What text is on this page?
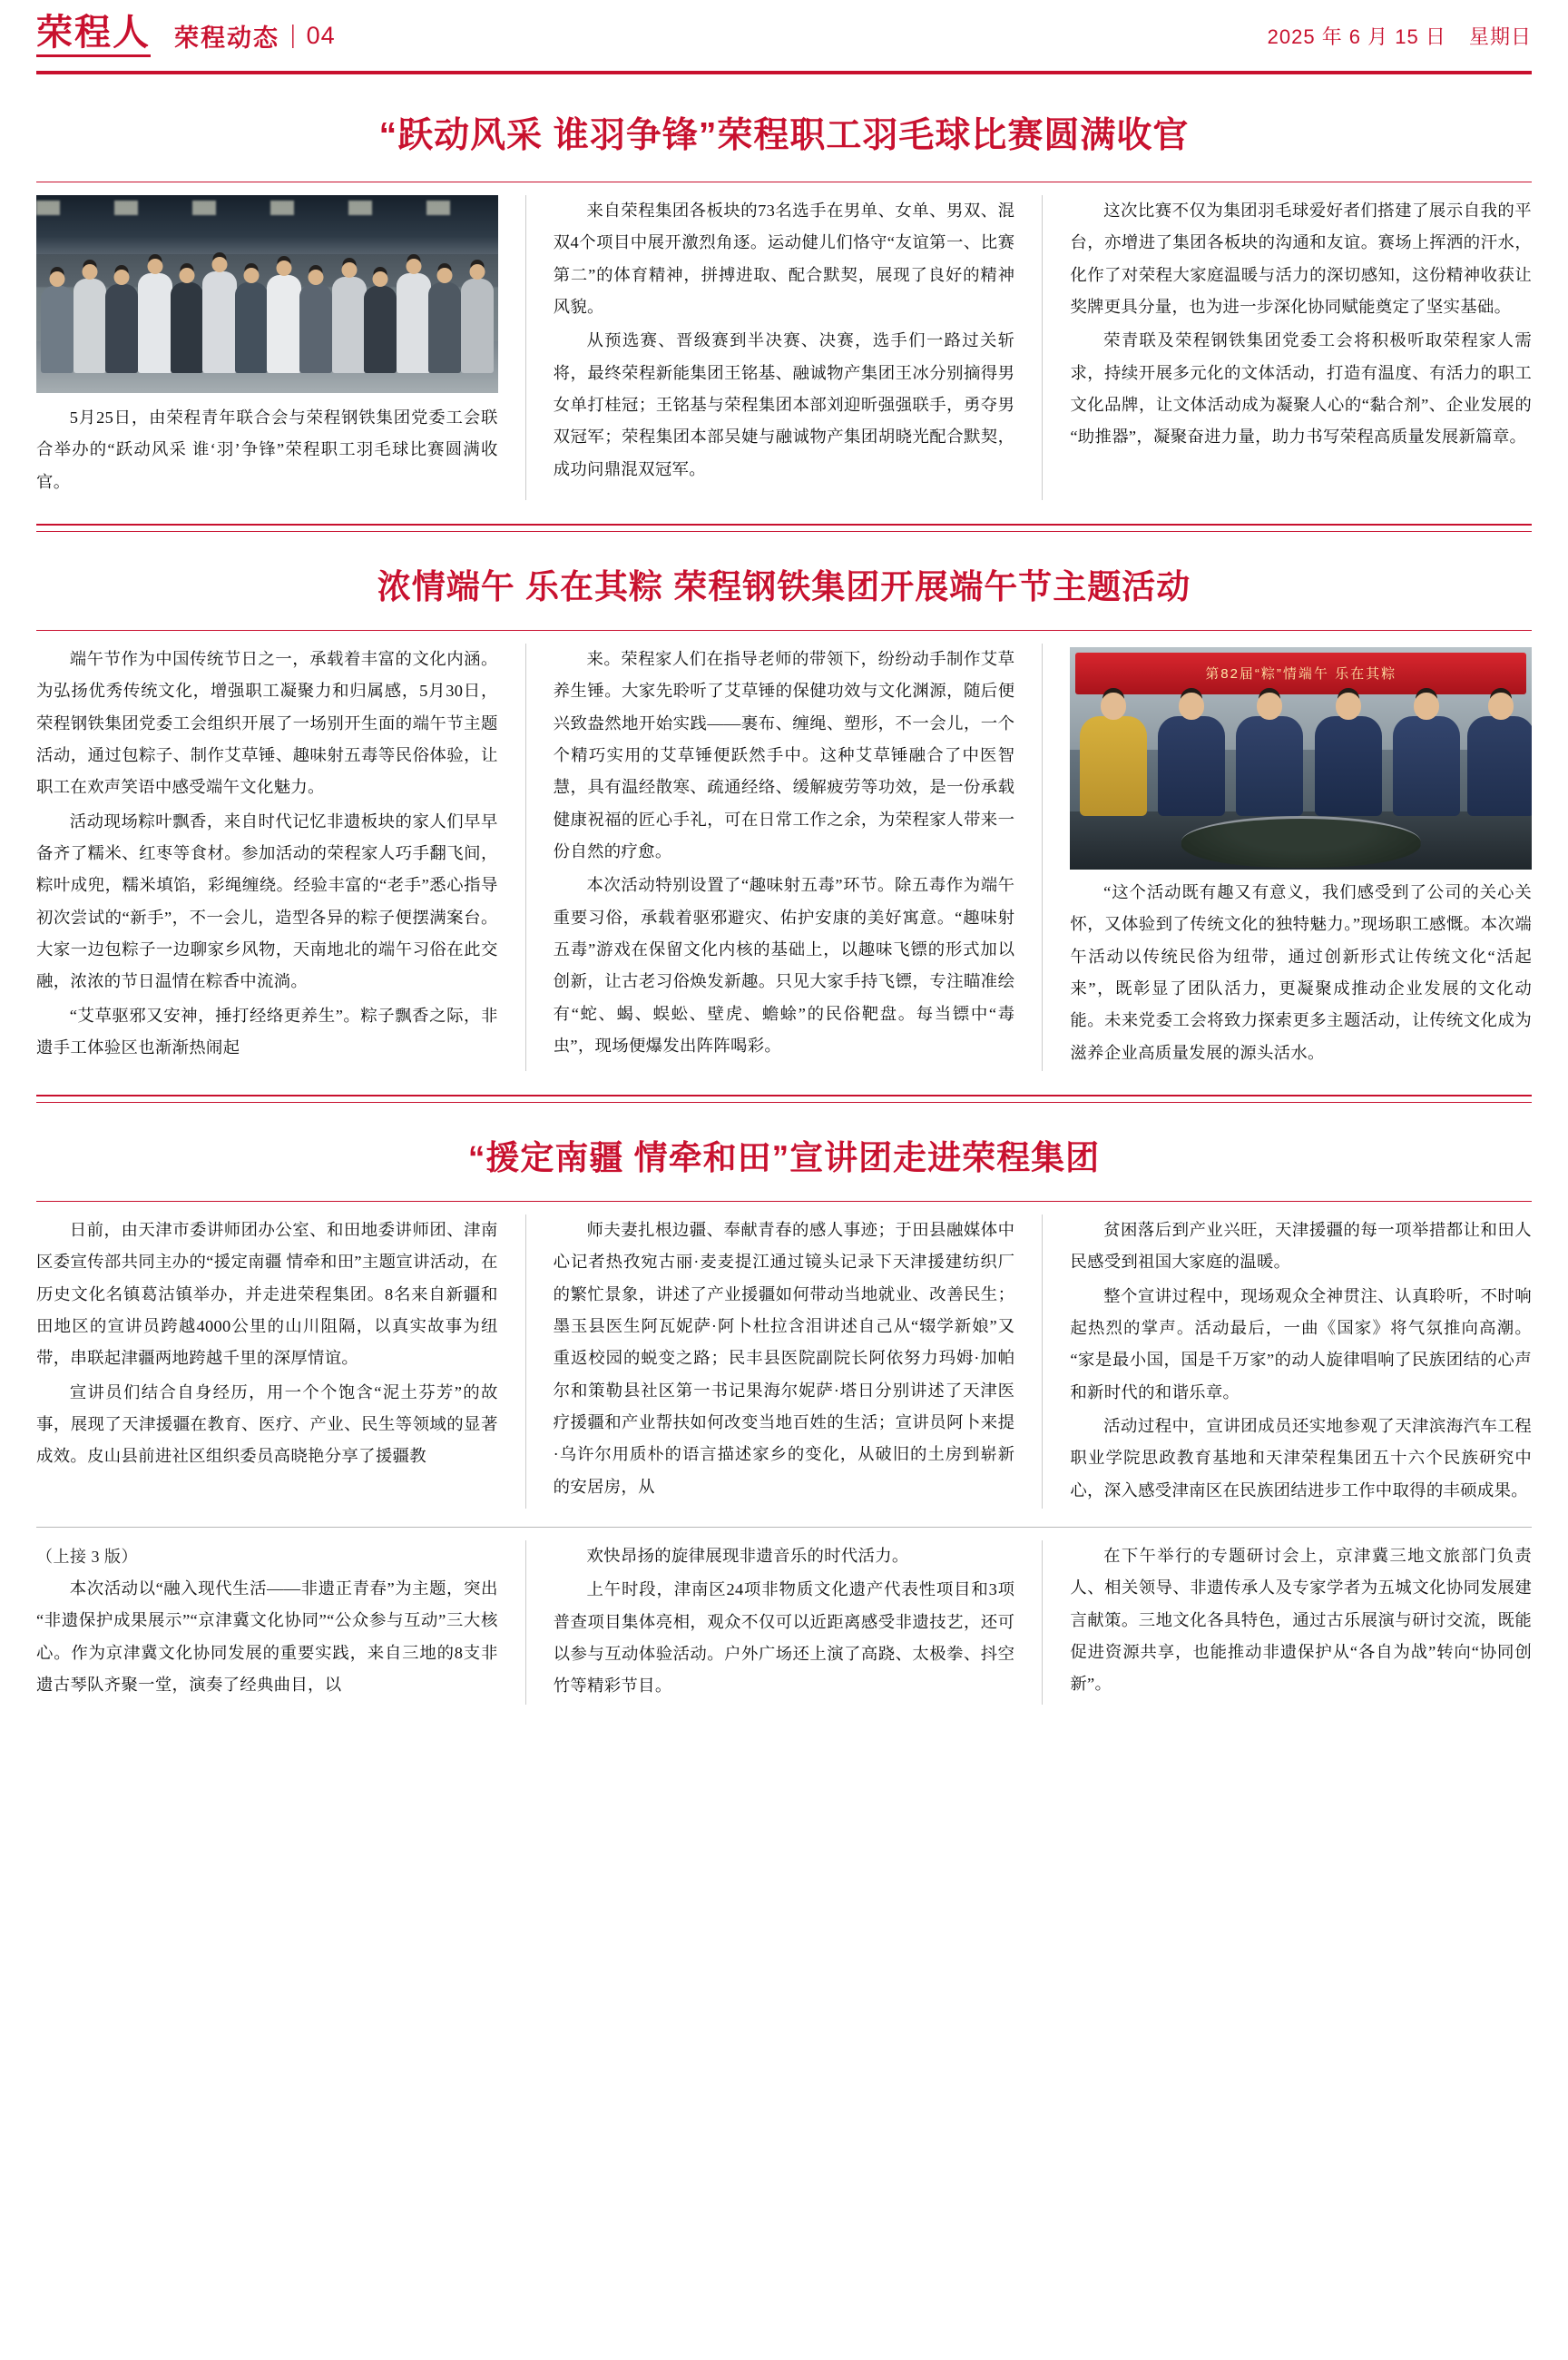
荣程人 荣程动态 | 04	2025 年 6 月 15 日 星期日
“跃动风采 谁羽争锋”荣程职工羽毛球比赛圆满收官

5月25日，由荣程青年联合会与荣程钢铁集团党委工会联合举办的“跃动风采 谁‘羽’争锋”荣程职工羽毛球比赛圆满收官。

来自荣程集团各板块的73名选手在男单、女单、男双、混双4个项目中展开激烈角逐。运动健儿们恪守“友谊第一、比赛第二”的体育精神，拼搏进取、配合默契，展现了良好的精神风貌。

从预选赛、晋级赛到半决赛、决赛，选手们一路过关斩将，最终荣程新能集团王铭基、融诚物产集团王冰分别摘得男女单打桂冠；王铭基与荣程集团本部刘迎昕强强联手，勇夺男双冠军；荣程集团本部吴婕与融诚物产集团胡晓光配合默契，成功问鼎混双冠军。

这次比赛不仅为集团羽毛球爱好者们搭建了展示自我的平台，亦增进了集团各板块的沟通和友谊。赛场上挥洒的汗水，化作了对荣程大家庭温暖与活力的深切感知，这份精神收获让奖牌更具分量，也为进一步深化协同赋能奠定了坚实基础。

荣青联及荣程钢铁集团党委工会将积极听取荣程家人需求，持续开展多元化的文体活动，打造有温度、有活力的职工文化品牌，让文体活动成为凝聚人心的“黏合剂”、企业发展的“助推器”，凝聚奋进力量，助力书写荣程高质量发展新篇章。

浓情端午 乐在其粽 荣程钢铁集团开展端午节主题活动

端午节作为中国传统节日之一，承载着丰富的文化内涵。为弘扬优秀传统文化，增强职工凝聚力和归属感，5月30日，荣程钢铁集团党委工会组织开展了一场别开生面的端午节主题活动，通过包粽子、制作艾草锤、趣味射五毒等民俗体验，让职工在欢声笑语中感受端午文化魅力。

活动现场粽叶飘香，来自时代记忆非遗板块的家人们早早备齐了糯米、红枣等食材。参加活动的荣程家人巧手翻飞间，粽叶成兜，糯米填馅，彩绳缠绕。经验丰富的“老手”悉心指导初次尝试的“新手”，不一会儿，造型各异的粽子便摆满案台。大家一边包粽子一边聊家乡风物，天南地北的端午习俗在此交融，浓浓的节日温情在粽香中流淌。

“艾草驱邪又安神，捶打经络更养生”。粽子飘香之际，非遗手工体验区也渐渐热闹起

来。荣程家人们在指导老师的带领下，纷纷动手制作艾草养生锤。大家先聆听了艾草锤的保健功效与文化渊源，随后便兴致盎然地开始实践——裹布、缠绳、塑形，不一会儿，一个个精巧实用的艾草锤便跃然手中。这种艾草锤融合了中医智慧，具有温经散寒、疏通经络、缓解疲劳等功效，是一份承载健康祝福的匠心手礼，可在日常工作之余，为荣程家人带来一份自然的疗愈。

本次活动特别设置了“趣味射五毒”环节。除五毒作为端午重要习俗，承载着驱邪避灾、佑护安康的美好寓意。“趣味射五毒”游戏在保留文化内核的基础上，以趣味飞镖的形式加以创新，让古老习俗焕发新趣。只见大家手持飞镖，专注瞄准绘有“蛇、蝎、蜈蚣、壁虎、蟾蜍”的民俗靶盘。每当镖中“毒虫”，现场便爆发出阵阵喝彩。

第82届“粽”情端午 乐在其粽

“这个活动既有趣又有意义，我们感受到了公司的关心关怀，又体验到了传统文化的独特魅力。”现场职工感慨。本次端午活动以传统民俗为纽带，通过创新形式让传统文化“活起来”，既彰显了团队活力，更凝聚成推动企业发展的文化动能。未来党委工会将致力探索更多主题活动，让传统文化成为滋养企业高质量发展的源头活水。

“援定南疆 情牵和田”宣讲团走进荣程集团

日前，由天津市委讲师团办公室、和田地委讲师团、津南区委宣传部共同主办的“援定南疆 情牵和田”主题宣讲活动，在历史文化名镇葛沽镇举办，并走进荣程集团。8名来自新疆和田地区的宣讲员跨越4000公里的山川阻隔，以真实故事为纽带，串联起津疆两地跨越千里的深厚情谊。

宣讲员们结合自身经历，用一个个饱含“泥土芬芳”的故事，展现了天津援疆在教育、医疗、产业、民生等领域的显著成效。皮山县前进社区组织委员高晓艳分享了援疆教

师夫妻扎根边疆、奉献青春的感人事迹；于田县融媒体中心记者热孜宛古丽·麦麦提江通过镜头记录下天津援建纺织厂的繁忙景象，讲述了产业援疆如何带动当地就业、改善民生；墨玉县医生阿瓦妮萨·阿卜杜拉含泪讲述自己从“辍学新娘”又重返校园的蜕变之路；民丰县医院副院长阿依努力玛姆·加帕尔和策勒县社区第一书记果海尔妮萨·塔日分别讲述了天津医疗援疆和产业帮扶如何改变当地百姓的生活；宣讲员阿卜来提·乌许尔用质朴的语言描述家乡的变化，从破旧的土房到崭新的安居房，从

贫困落后到产业兴旺，天津援疆的每一项举措都让和田人民感受到祖国大家庭的温暖。

整个宣讲过程中，现场观众全神贯注、认真聆听，不时响起热烈的掌声。活动最后，一曲《国家》将气氛推向高潮。“家是最小国，国是千万家”的动人旋律唱响了民族团结的心声和新时代的和谐乐章。

活动过程中，宣讲团成员还实地参观了天津滨海汽车工程职业学院思政教育基地和天津荣程集团五十六个民族研究中心，深入感受津南区在民族团结进步工作中取得的丰硕成果。

（上接 3 版）

本次活动以“融入现代生活——非遗正青春”为主题，突出“非遗保护成果展示”“京津冀文化协同”“公众参与互动”三大核心。作为京津冀文化协同发展的重要实践，来自三地的8支非遗古琴队齐聚一堂，演奏了经典曲目，以

欢快昂扬的旋律展现非遗音乐的时代活力。

上午时段，津南区24项非物质文化遗产代表性项目和3项普查项目集体亮相，观众不仅可以近距离感受非遗技艺，还可以参与互动体验活动。户外广场还上演了高跷、太极拳、抖空竹等精彩节目。

在下午举行的专题研讨会上，京津冀三地文旅部门负责人、相关领导、非遗传承人及专家学者为五城文化协同发展建言献策。三地文化各具特色，通过古乐展演与研讨交流，既能促进资源共享，也能推动非遗保护从“各自为战”转向“协同创新”。
